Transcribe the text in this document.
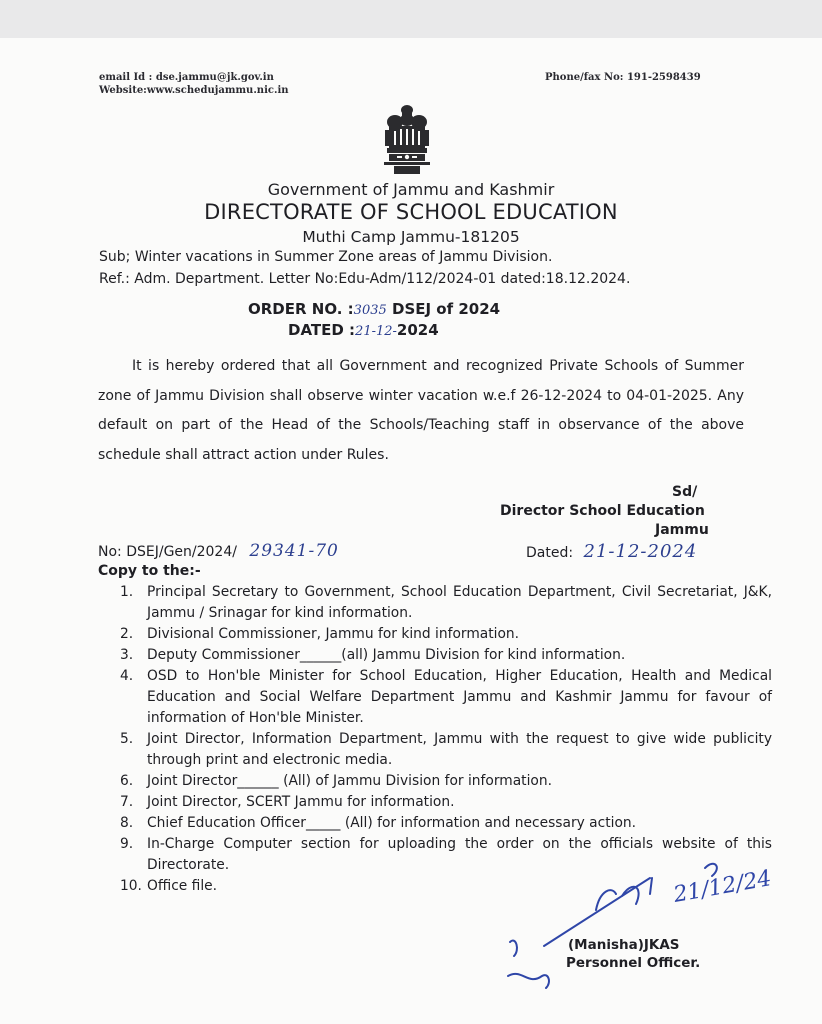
email Id : dse.jammu@jk.gov.in
Website:www.schedujammu.nic.in
Phone/fax No: 191-2598439
Government of Jammu and Kashmir
DIRECTORATE OF SCHOOL EDUCATION
Muthi Camp Jammu-181205
Sub; Winter vacations in Summer Zone areas of Jammu Division.
Ref.: Adm. Department. Letter No:Edu-Adm/112/2024-01 dated:18.12.2024.
ORDER NO. :3035 DSEJ of 2024
DATED :21-12-2024
It is hereby ordered that all Government and recognized Private Schools of Summer zone of Jammu Division shall observe winter vacation w.e.f 26-12-2024 to 04-01-2025. Any default on part of the Head of the Schools/Teaching staff in observance of the above schedule shall attract action under Rules.
Sd/
Director School Education
Jammu
No: DSEJ/Gen/2024/ 29341-70	Dated: 21-12-2024
Copy to the:-
1. Principal Secretary to Government, School Education Department, Civil Secretariat, J&K, Jammu / Srinagar for kind information.
2. Divisional Commissioner, Jammu for kind information.
3. Deputy Commissioner______(all) Jammu Division for kind information.
4. OSD to Hon'ble Minister for School Education, Higher Education, Health and Medical Education and Social Welfare Department Jammu and Kashmir Jammu for favour of information of Hon'ble Minister.
5. Joint Director, Information Department, Jammu with the request to give wide publicity through print and electronic media.
6. Joint Director______ (All) of Jammu Division for information.
7. Joint Director, SCERT Jammu for information.
8. Chief Education Officer_____ (All) for information and necessary action.
9. In-Charge Computer section for uploading the order on the officials website of this Directorate.
10. Office file.	21/12/24
(Manisha)JKAS
Personnel Officer.
